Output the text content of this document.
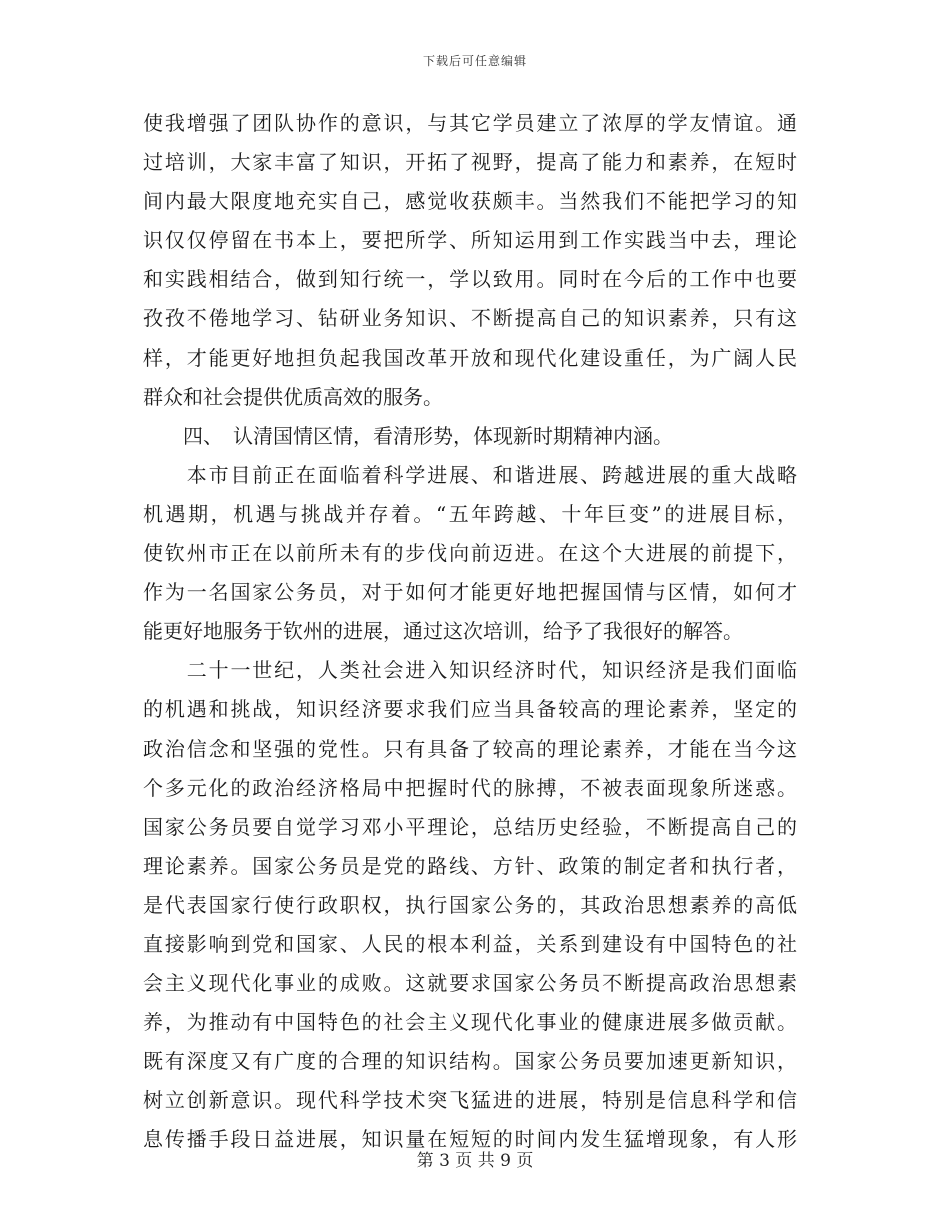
下载后可任意编辑
使我增强了团队协作的意识，与其它学员建立了浓厚的学友情谊。通
过培训，大家丰富了知识，开拓了视野，提高了能力和素养，在短时
间内最大限度地充实自己，感觉收获颇丰。当然我们不能把学习的知
识仅仅停留在书本上，要把所学、所知运用到工作实践当中去，理论
和实践相结合，做到知行统一，学以致用。同时在今后的工作中也要
孜孜不倦地学习、钻研业务知识、不断提高自己的知识素养，只有这
样，才能更好地担负起我国改革开放和现代化建设重任，为广阔人民
群众和社会提供优质高效的服务。
　　四、　认清国情区情，看清形势，体现新时期精神内涵。
　　本市目前正在面临着科学进展、和谐进展、跨越进展的重大战略
机遇期，机遇与挑战并存着。“五年跨越、十年巨变”的进展目标，
使钦州市正在以前所未有的步伐向前迈进。在这个大进展的前提下，
作为一名国家公务员，对于如何才能更好地把握国情与区情，如何才
能更好地服务于钦州的进展，通过这次培训，给予了我很好的解答。
　　二十一世纪，人类社会进入知识经济时代，知识经济是我们面临
的机遇和挑战，知识经济要求我们应当具备较高的理论素养，坚定的
政治信念和坚强的党性。只有具备了较高的理论素养，才能在当今这
个多元化的政治经济格局中把握时代的脉搏，不被表面现象所迷惑。
国家公务员要自觉学习邓小平理论，总结历史经验，不断提高自己的
理论素养。国家公务员是党的路线、方针、政策的制定者和执行者，
是代表国家行使行政职权，执行国家公务的，其政治思想素养的高低
直接影响到党和国家、人民的根本利益，关系到建设有中国特色的社
会主义现代化事业的成败。这就要求国家公务员不断提高政治思想素
养，为推动有中国特色的社会主义现代化事业的健康进展多做贡献。
既有深度又有广度的合理的知识结构。国家公务员要加速更新知识，
树立创新意识。现代科学技术突飞猛进的进展，特别是信息科学和信
息传播手段日益进展，知识量在短短的时间内发生猛增现象，有人形
第 3 页 共 9 页
